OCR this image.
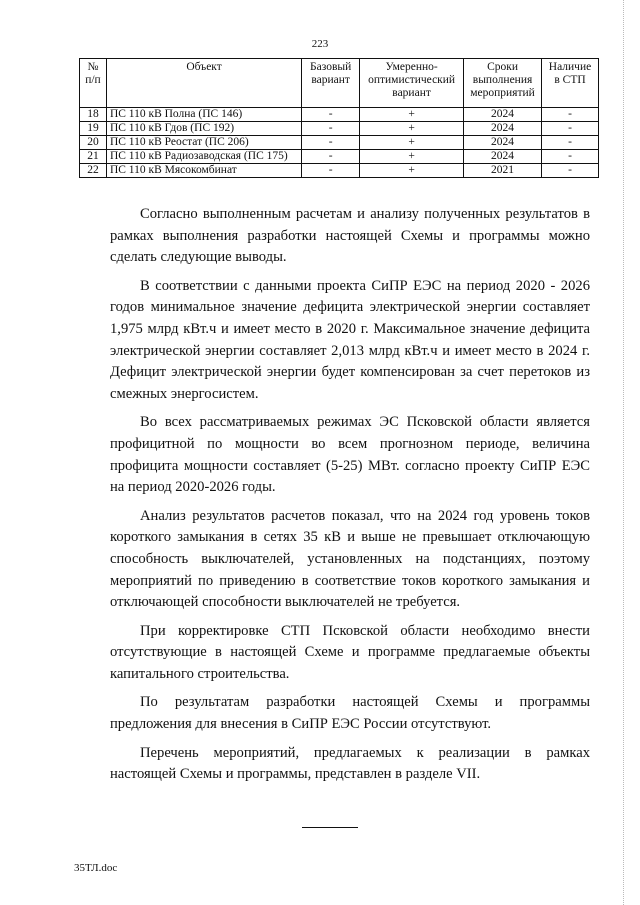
223
№ п/п	Объект	Базовый вариант	Умеренно-оптимистический вариант	Сроки выполнения мероприятий	Наличие в СТП
18	ПС 110 кВ Полна (ПС 146)	-	+	2024	-
19	ПС 110 кВ Гдов (ПС 192)	-	+	2024	-
20	ПС 110 кВ Реостат (ПС 206)	-	+	2024	-
21	ПС 110 кВ Радиозаводская (ПС 175)	-	+	2024	-
22	ПС 110 кВ Мясокомбинат	-	+	2021	-

Согласно выполненным расчетам и анализу полученных результатов в рамках выполнения разработки настоящей Схемы и программы можно сделать следующие выводы.

В соответствии с данными проекта СиПР ЕЭС на период 2020 - 2026 годов минимальное значение дефицита электрической энергии составляет 1,975 млрд кВт.ч и имеет место в 2020 г. Максимальное значение дефицита электрической энергии составляет 2,013 млрд кВт.ч и имеет место в 2024 г. Дефицит электрической энергии будет компенсирован за счет перетоков из смежных энергосистем.

Во всех рассматриваемых режимах ЭС Псковской области является профицитной по мощности во всем прогнозном периоде, величина профицита мощности составляет (5-25) МВт. согласно проекту СиПР ЕЭС на период 2020-2026 годы.

Анализ результатов расчетов показал, что на 2024 год уровень токов короткого замыкания в сетях 35 кВ и выше не превышает отключающую способность выключателей, установленных на подстанциях, поэтому мероприятий по приведению в соответствие токов короткого замыкания и отключающей способности выключателей не требуется.

При корректировке СТП Псковской области необходимо внести отсутствующие в настоящей Схеме и программе предлагаемые объекты капитального строительства.

По результатам разработки настоящей Схемы и программы предложения для внесения в СиПР ЕЭС России отсутствуют.

Перечень мероприятий, предлагаемых к реализации в рамках настоящей Схемы и программы, представлен в разделе VII.

35ТЛ.doc
